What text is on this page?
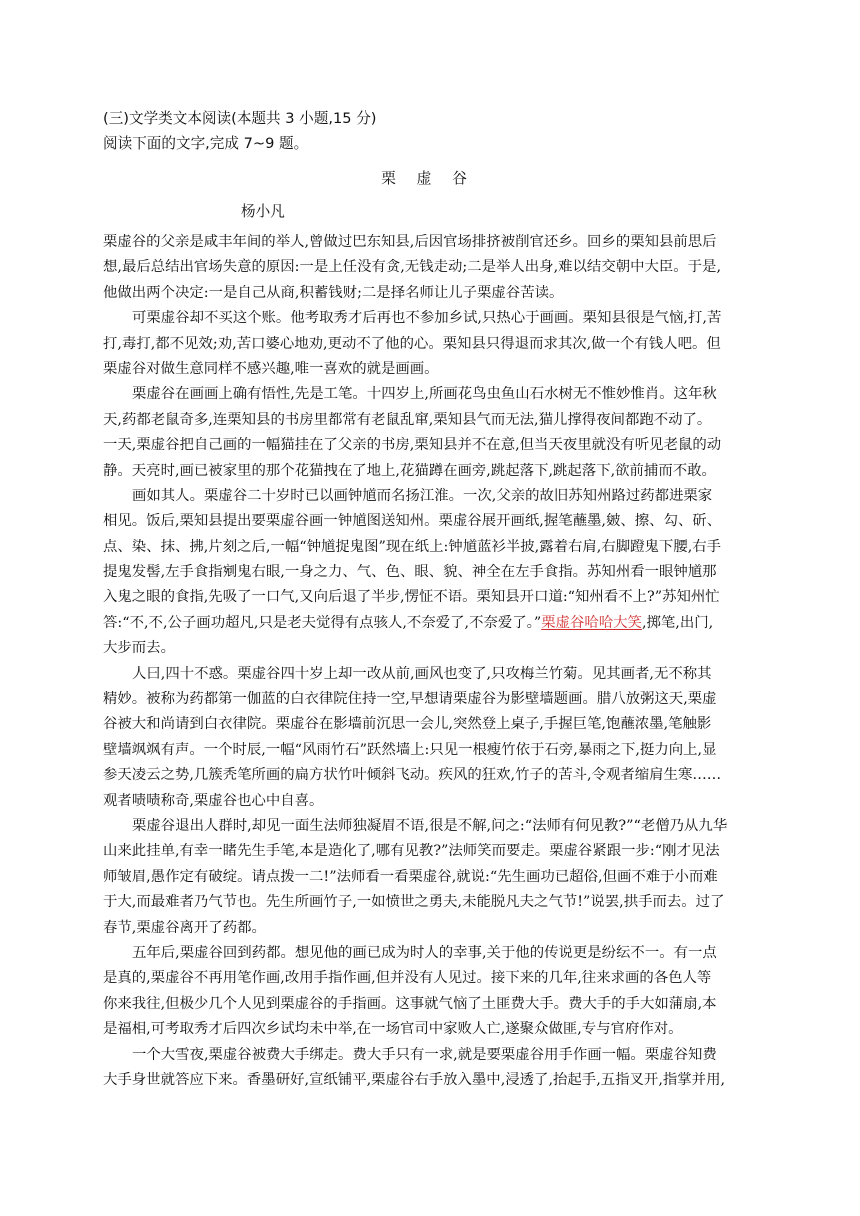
(三)文学类文本阅读(本题共 3 小题,15 分)

阅读下面的文字,完成 7~9 题。

栗 虚 谷

杨小凡

栗虚谷的父亲是咸丰年间的举人,曾做过巴东知县,后因官场排挤被削官还乡。回乡的栗知县前思后
想,最后总结出官场失意的原因:一是上任没有贪,无钱走动;二是举人出身,难以结交朝中大臣。于是,
他做出两个决定:一是自己从商,积蓄钱财;二是择名师让儿子栗虚谷苦读。
可栗虚谷却不买这个账。他考取秀才后再也不参加乡试,只热心于画画。栗知县很是气恼,打,苦
打,毒打,都不见效;劝,苦口婆心地劝,更动不了他的心。栗知县只得退而求其次,做一个有钱人吧。但
栗虚谷对做生意同样不感兴趣,唯一喜欢的就是画画。
栗虚谷在画画上确有悟性,先是工笔。十四岁上,所画花鸟虫鱼山石水树无不惟妙惟肖。这年秋
天,药都老鼠奇多,连栗知县的书房里都常有老鼠乱窜,栗知县气而无法,猫儿撑得夜间都跑不动了。
一天,栗虚谷把自己画的一幅猫挂在了父亲的书房,栗知县并不在意,但当天夜里就没有听见老鼠的动
静。天亮时,画已被家里的那个花猫拽在了地上,花猫蹲在画旁,跳起落下,跳起落下,欲前捕而不敢。
画如其人。栗虚谷二十岁时已以画钟馗而名扬江淮。一次,父亲的故旧苏知州路过药都进栗家
相见。饭后,栗知县提出要栗虚谷画一钟馗图送知州。栗虚谷展开画纸,握笔蘸墨,皴、擦、勾、斫、
点、染、抹、拂,片刻之后,一幅“钟馗捉鬼图”现在纸上:钟馗蓝衫半披,露着右肩,右脚蹬鬼下腰,右手
提鬼发髻,左手食指剜鬼右眼,一身之力、气、色、眼、貌、神全在左手食指。苏知州看一眼钟馗那
入鬼之眼的食指,先吸了一口气,又向后退了半步,愣怔不语。栗知县开口道:“知州看不上?”苏知州忙
答:“不,不,公子画功超凡,只是老夫觉得有点骇人,不奈爱了,不奈爱了。”栗虚谷哈哈大笑,掷笔,出门,
大步而去。
人曰,四十不惑。栗虚谷四十岁上却一改从前,画风也变了,只攻梅兰竹菊。见其画者,无不称其
精妙。被称为药都第一伽蓝的白衣律院住持一空,早想请栗虚谷为影壁墙题画。腊八放粥这天,栗虚
谷被大和尚请到白衣律院。栗虚谷在影墙前沉思一会儿,突然登上桌子,手握巨笔,饱蘸浓墨,笔触影
壁墙飒飒有声。一个时辰,一幅“风雨竹石”跃然墙上:只见一根瘦竹依于石旁,暴雨之下,挺力向上,显
参天凌云之势,几簇秃笔所画的扁方状竹叶倾斜飞动。疾风的狂欢,竹子的苦斗,令观者缩肩生寒……
观者啧啧称奇,栗虚谷也心中自喜。
栗虚谷退出人群时,却见一面生法师独凝眉不语,很是不解,问之:“法师有何见教?”“老僧乃从九华
山来此挂单,有幸一睹先生手笔,本是造化了,哪有见教?”法师笑而要走。栗虚谷紧跟一步:“刚才见法
师皱眉,愚作定有破绽。请点拨一二!”法师看一看栗虚谷,就说:“先生画功已超俗,但画不难于小而难
于大,而最难者乃气节也。先生所画竹子,一如愤世之勇夫,未能脱凡夫之气节!”说罢,拱手而去。过了
春节,栗虚谷离开了药都。
五年后,栗虚谷回到药都。想见他的画已成为时人的幸事,关于他的传说更是纷纭不一。有一点
是真的,栗虚谷不再用笔作画,改用手指作画,但并没有人见过。接下来的几年,往来求画的各色人等
你来我往,但极少几个人见到栗虚谷的手指画。这事就气恼了土匪费大手。费大手的手大如蒲扇,本
是福相,可考取秀才后四次乡试均未中举,在一场官司中家败人亡,遂聚众做匪,专与官府作对。
一个大雪夜,栗虚谷被费大手绑走。费大手只有一求,就是要栗虚谷用手作画一幅。栗虚谷知费
大手身世就答应下来。香墨研好,宣纸铺平,栗虚谷右手放入墨中,浸透了,抬起手,五指叉开,指掌并用,
